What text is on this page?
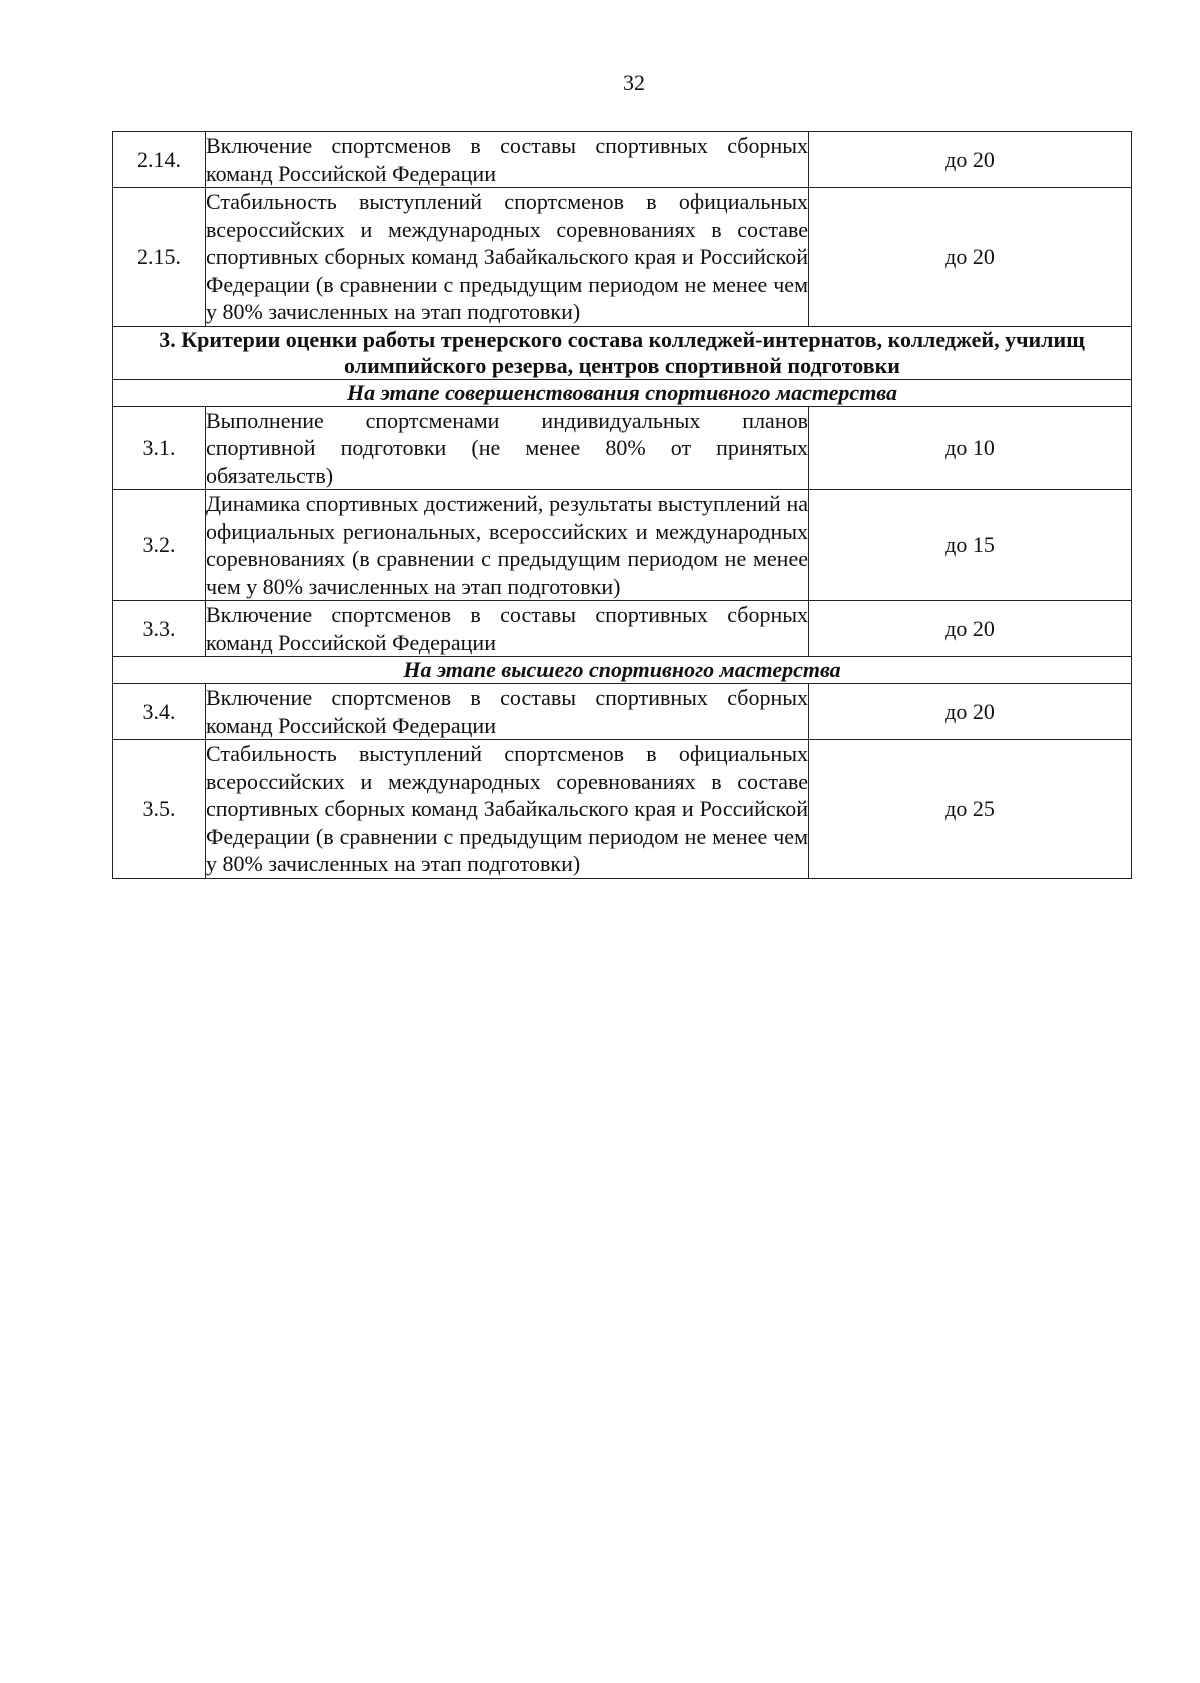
32
2.14.	Включение спортсменов в составы спортивных сборных команд Российской Федерации	до 20
2.15.	Стабильность выступлений спортсменов в официальных всероссийских и международных соревнованиях в составе спортивных сборных команд Забайкальского края и Российской Федерации (в сравнении с предыдущим периодом не менее чем у 80% зачисленных на этап подготовки)	до 20
3. Критерии оценки работы тренерского состава колледжей-интернатов, колледжей, училищ олимпийского резерва, центров спортивной подготовки		
На этапе совершенствования спортивного мастерства		
3.1.	Выполнение спортсменами индивидуальных планов спортивной подготовки (не менее 80% от принятых обязательств)	до 10
3.2.	Динамика спортивных достижений, результаты выступлений на официальных региональных, всероссийских и международных соревнованиях (в сравнении с предыдущим периодом не менее чем у 80% зачисленных на этап подготовки)	до 15
3.3.	Включение спортсменов в составы спортивных сборных команд Российской Федерации	до 20
На этапе высшего спортивного мастерства		
3.4.	Включение спортсменов в составы спортивных сборных команд Российской Федерации	до 20
3.5.	Стабильность выступлений спортсменов в официальных всероссийских и международных соревнованиях в составе спортивных сборных команд Забайкальского края и Российской Федерации (в сравнении с предыдущим периодом не менее чем у 80% зачисленных на этап подготовки)	до 25
